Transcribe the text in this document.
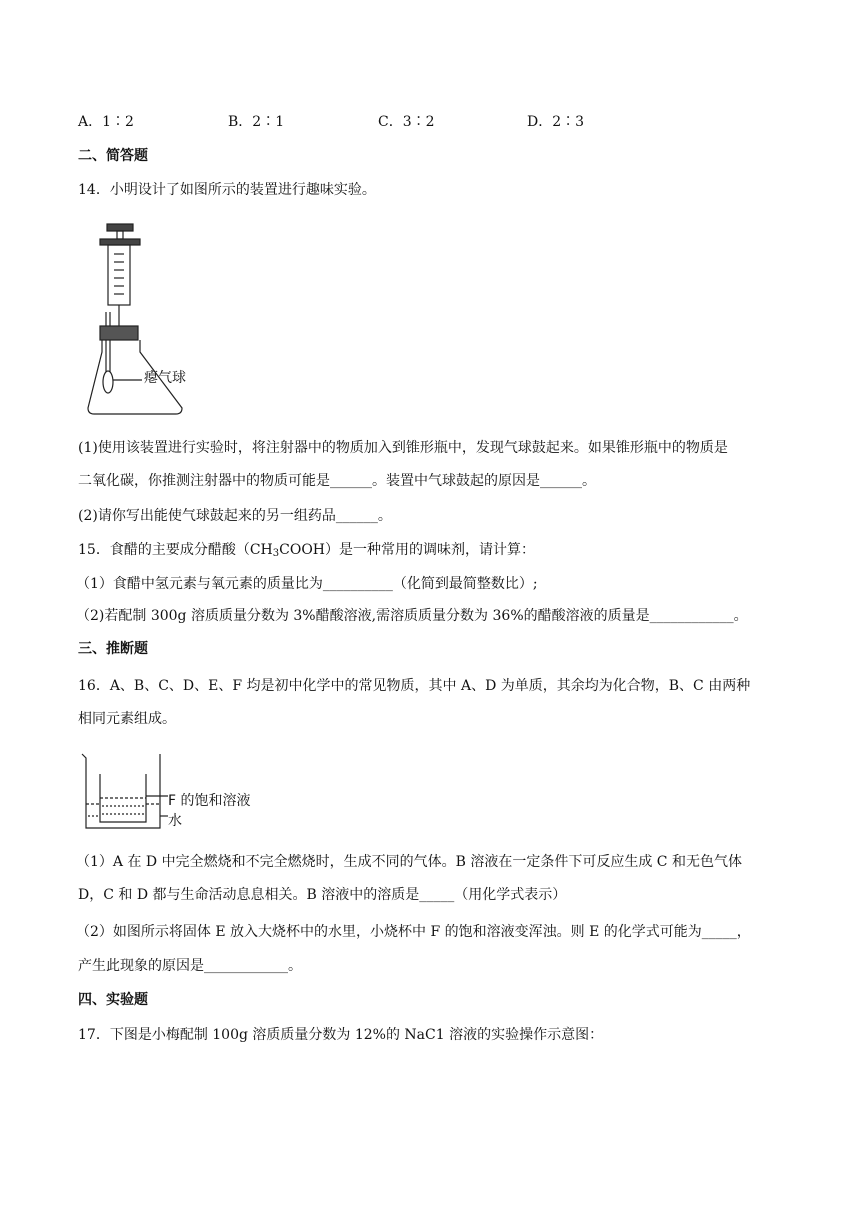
A．1∶2	B．2∶1	C．3∶2	D．2∶3
二、简答题
14．小明设计了如图所示的装置进行趣味实验。
瘪气球
(1)使用该装置进行实验时，将注射器中的物质加入到锥形瓶中，发现气球鼓起来。如果锥形瓶中的物质是
二氧化碳，你推测注射器中的物质可能是______。装置中气球鼓起的原因是______。
(2)请你写出能使气球鼓起来的另一组药品______。
15．食醋的主要成分醋酸$(CH_3COOH)$是一种常用的调味剂，请计算：
（1）食醋中氢元素与氧元素的质量比为__________（化简到最简整数比）;
（2)若配制 300g 溶质质量分数为 3%醋酸溶液,需溶质质量分数为 36%的醋酸溶液的质量是____________。
三、推断题
16．A、B、C、D、E、F 均是初中化学中的常见物质，其中 A、D 为单质，其余均为化合物，B、C 由两种
相同元素组成。
F 的饱和溶液
水
（1）A 在 D 中完全燃烧和不完全燃烧时，生成不同的气体。B 溶液在一定条件下可反应生成 C 和无色气体
D，C 和 D 都与生命活动息息相关。B 溶液中的溶质是_____（用化学式表示）
（2）如图所示将固体 E 放入大烧杯中的水里，小烧杯中 F 的饱和溶液变浑浊。则 E 的化学式可能为_____，
产生此现象的原因是____________。
四、实验题
17．下图是小梅配制 100g 溶质质量分数为 12%的 NaC1 溶液的实验操作示意图：
